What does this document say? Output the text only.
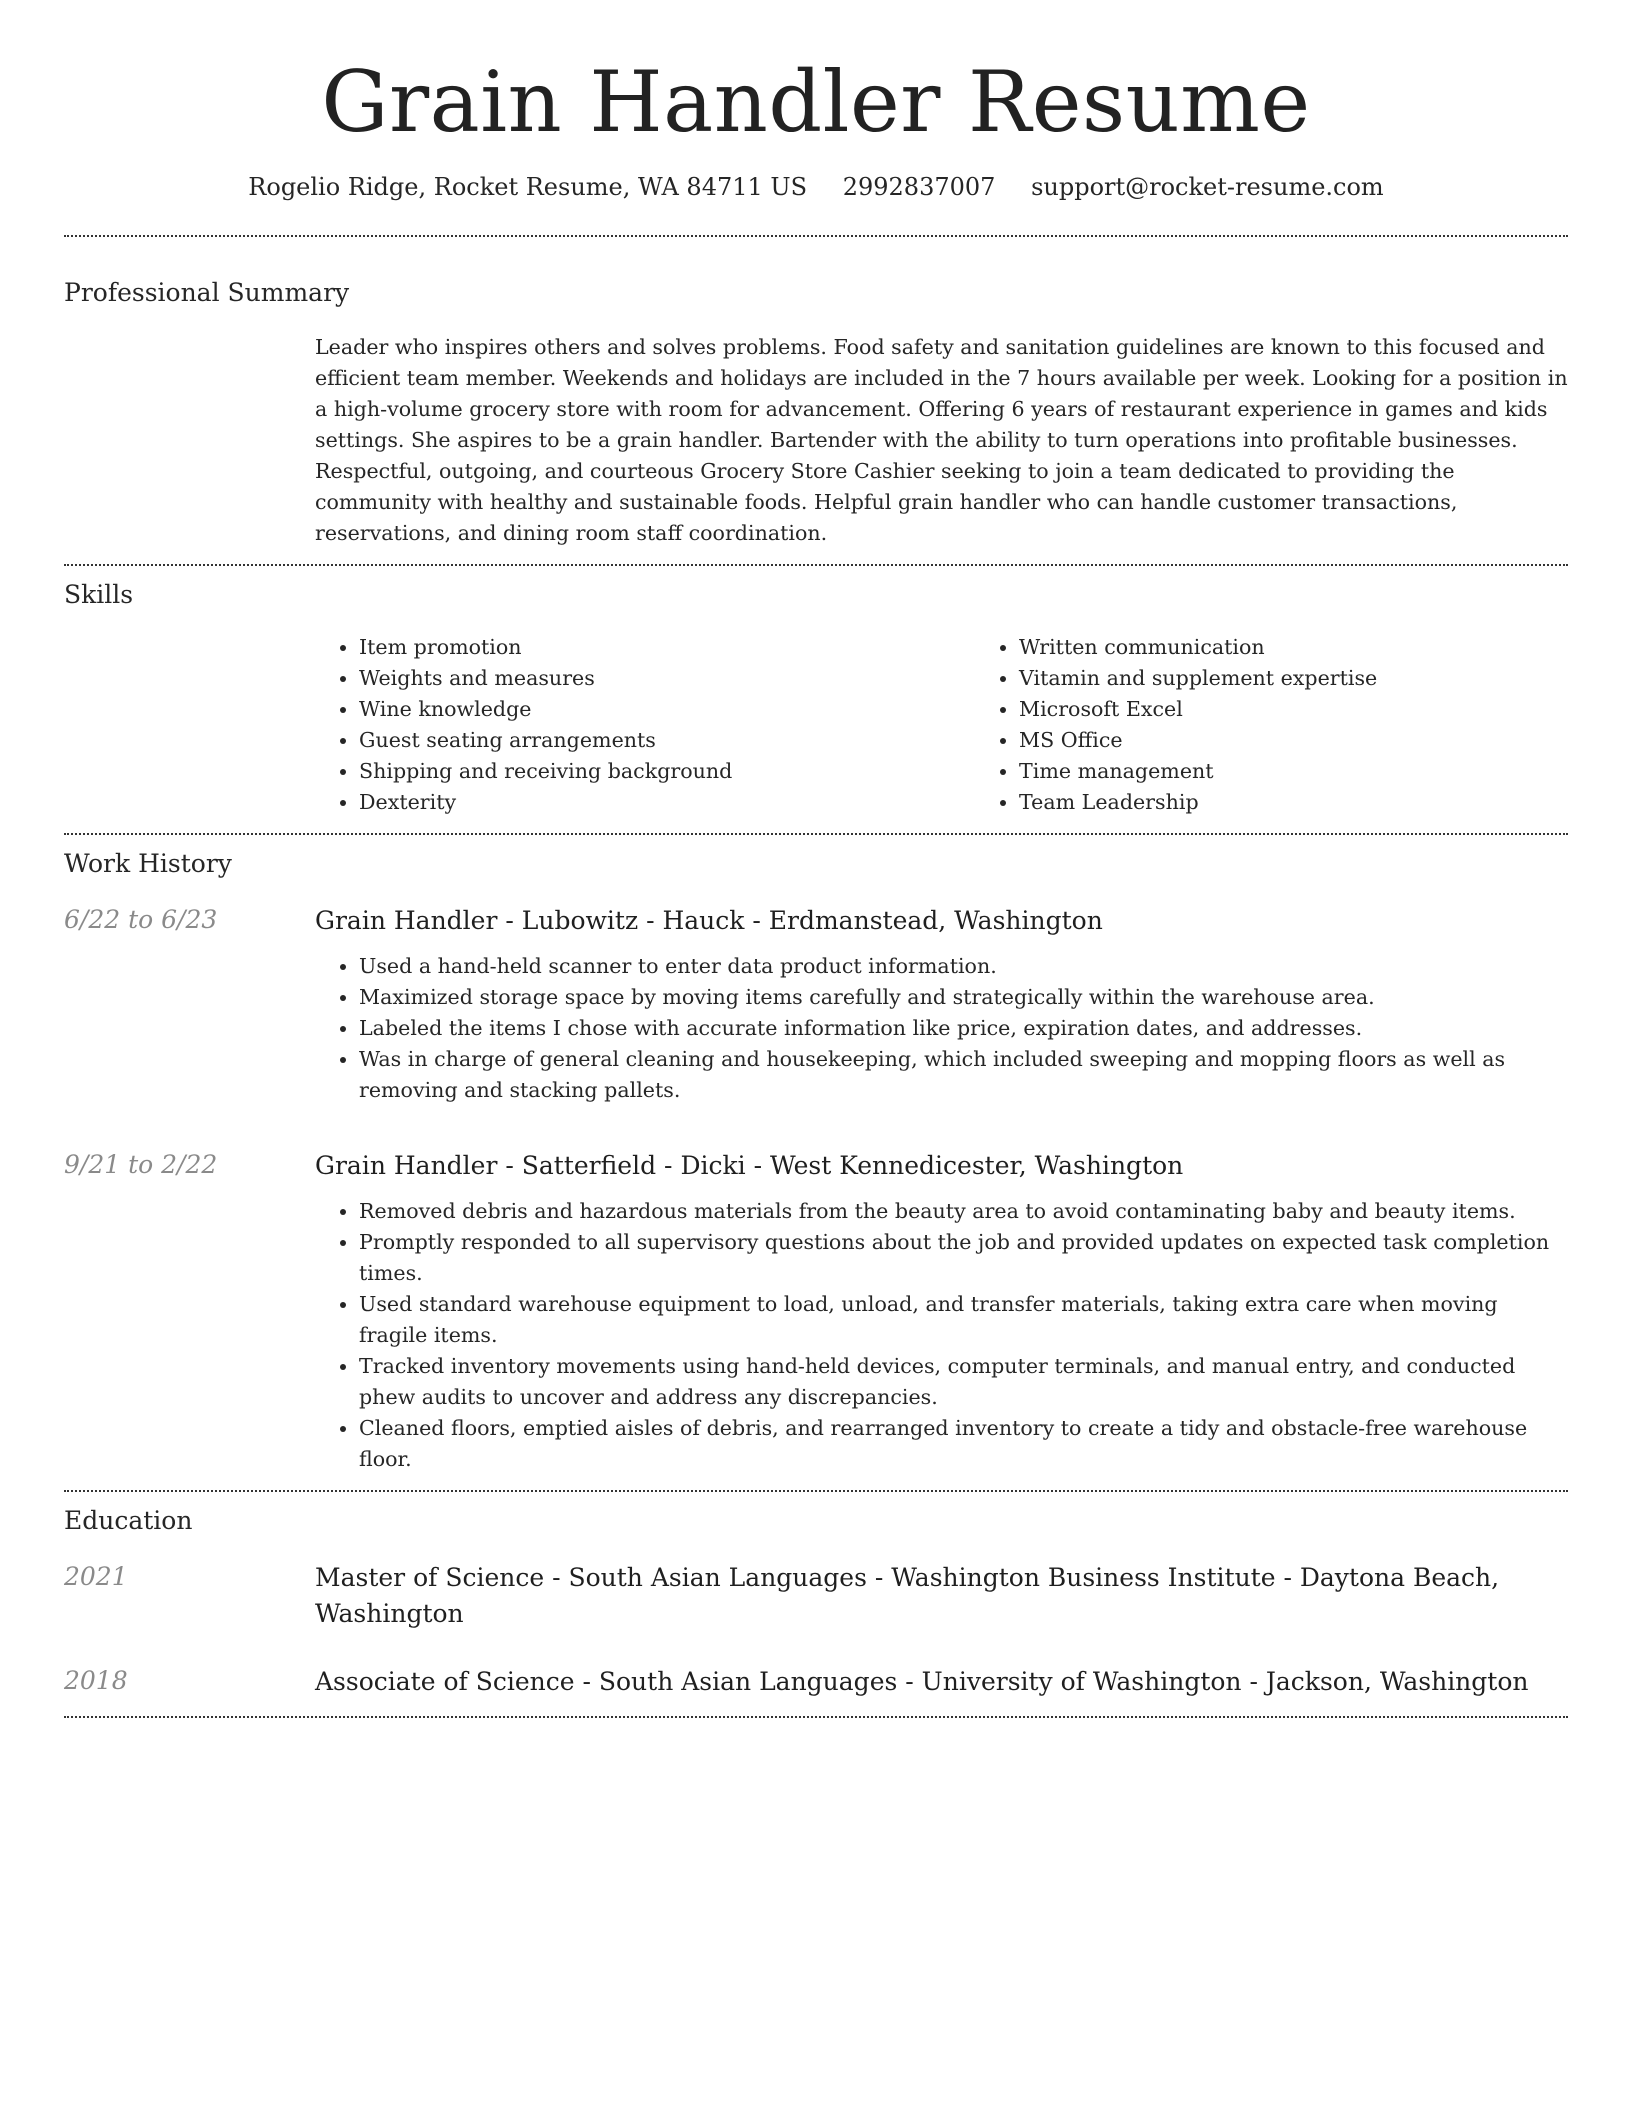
Grain Handler Resume
Rogelio Ridge, Rocket Resume, WA 84711 US 2992837007 support@rocket-resume.com
Professional Summary

Leader who inspires others and solves problems. Food safety and sanitation guidelines are known to this focused and efficient team member. Weekends and holidays are included in the 7 hours available per week. Looking for a position in a high-volume grocery store with room for advancement. Offering 6 years of restaurant experience in games and kids settings. She aspires to be a grain handler. Bartender with the ability to turn operations into profitable businesses. Respectful, outgoing, and courteous Grocery Store Cashier seeking to join a team dedicated to providing the community with healthy and sustainable foods. Helpful grain handler who can handle customer transactions, reservations, and dining room staff coordination.

Skills
• Item promotion
• Weights and measures
• Wine knowledge
• Guest seating arrangements
• Shipping and receiving background
• Dexterity
• Written communication
• Vitamin and supplement expertise
• Microsoft Excel
• MS Office
• Time management
• Team Leadership
Work History
6/22 to 6/23	Grain Handler - Lubowitz - Hauck - Erdmanstead, Washington
• Used a hand-held scanner to enter data product information.
• Maximized storage space by moving items carefully and strategically within the warehouse area.
• Labeled the items I chose with accurate information like price, expiration dates, and addresses.
• Was in charge of general cleaning and housekeeping, which included sweeping and mopping floors as well as removing and stacking pallets.
9/21 to 2/22	Grain Handler - Satterfield - Dicki - West Kennedicester, Washington
• Removed debris and hazardous materials from the beauty area to avoid contaminating baby and beauty items.
• Promptly responded to all supervisory questions about the job and provided updates on expected task completion times.
• Used standard warehouse equipment to load, unload, and transfer materials, taking extra care when moving fragile items.
• Tracked inventory movements using hand-held devices, computer terminals, and manual entry, and conducted phew audits to uncover and address any discrepancies.
• Cleaned floors, emptied aisles of debris, and rearranged inventory to create a tidy and obstacle-free warehouse floor.
Education
2021	Master of Science - South Asian Languages - Washington Business Institute - Daytona Beach, Washington
2018	Associate of Science - South Asian Languages - University of Washington - Jackson, Washington
